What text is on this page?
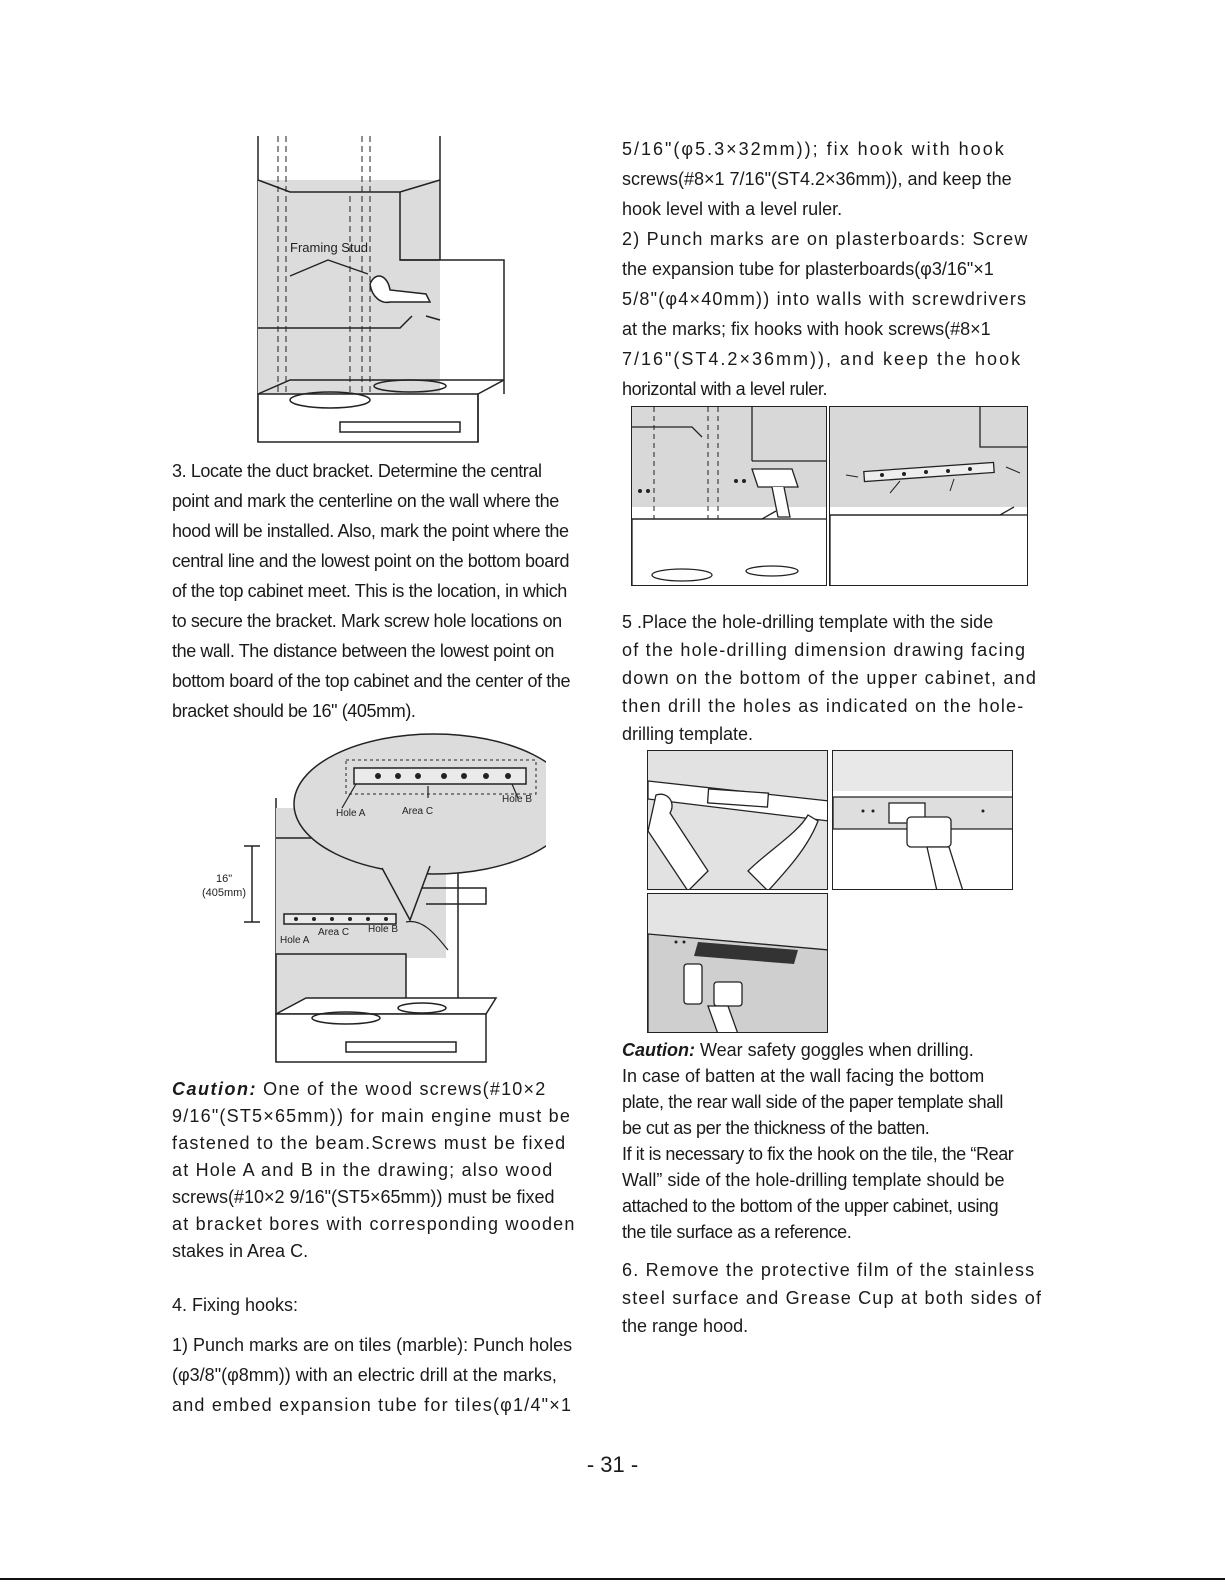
Framing Stud
Hole A	Area C
Hole B
Hole A
Area C Hole B
16"
(405mm)
3. Locate the duct bracket. Determine the central
point and mark the centerline on the wall where the
hood will be installed. Also, mark the point where the
central line and the lowest point on the bottom board
of the top cabinet meet. This is the location, in which
to secure the bracket. Mark screw hole locations on
the wall. The distance between the lowest point on
bottom board of the top cabinet and the center of the
bracket should be 16" (405mm).
Caution: One of the wood screws(#10×2
9/16"(ST5×65mm)) for main engine must be
fastened to the beam.Screws must be fixed
at Hole A and B in the drawing; also wood
screws(#10×2 9/16"(ST5×65mm)) must be fixed
at bracket bores with corresponding wooden
stakes in Area C.
4. Fixing hooks:
1) Punch marks are on tiles (marble): Punch holes
(φ3/8"(φ8mm)) with an electric drill at the marks,
and embed expansion tube for tiles(φ1/4"×1
5/16"(φ5.3×32mm)); fix hook with hook
screws(#8×1 7/16"(ST4.2×36mm)), and keep the
hook level with a level ruler.
2) Punch marks are on plasterboards: Screw
the expansion tube for plasterboards(φ3/16"×1
5/8"(φ4×40mm)) into walls with screwdrivers
at the marks; fix hooks with hook screws(#8×1
7/16"(ST4.2×36mm)), and keep the hook
horizontal with a level ruler.
5 .Place the hole-drilling template with the side
of the hole-drilling dimension drawing facing
down on the bottom of the upper cabinet, and
then drill the holes as indicated on the hole-
drilling template.
Caution: Wear safety goggles when drilling.
In case of batten at the wall facing the bottom
plate, the rear wall side of the paper template shall
be cut as per the thickness of the batten.
If it is necessary to fix the hook on the tile, the “Rear
Wall” side of the hole-drilling template should be
attached to the bottom of the upper cabinet, using
the tile surface as a reference.
6. Remove the protective film of the stainless
steel surface and Grease Cup at both sides of
the range hood.
- 31 -
